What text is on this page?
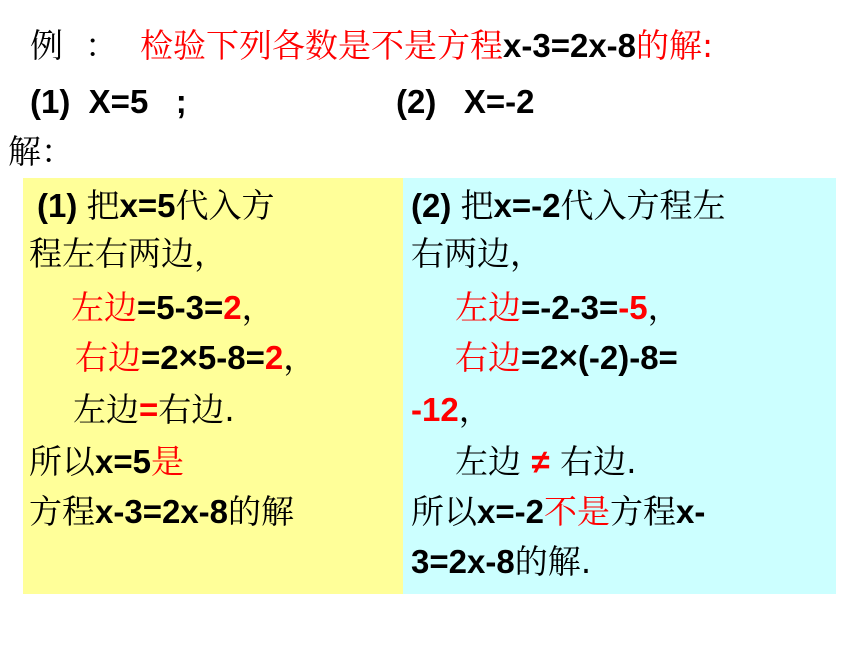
例 ： 检验下列各数是不是方程x-3=2x-8的解:
(1)  X=5   ;	(2)   X=-2
解：
(1) 把x=5代入方
程左右两边，
左边=5-3=2，
右边=2×5-8=2，
左边=右边.
所以x=5是
方程x-3=2x-8的解
(2) 把x=-2代入方程左
右两边，
左边=-2-3=-5，
右边=2×(-2)-8=
-12，
左边 ≠ 右边.
所以x=-2不是方程x-
3=2x-8的解.
